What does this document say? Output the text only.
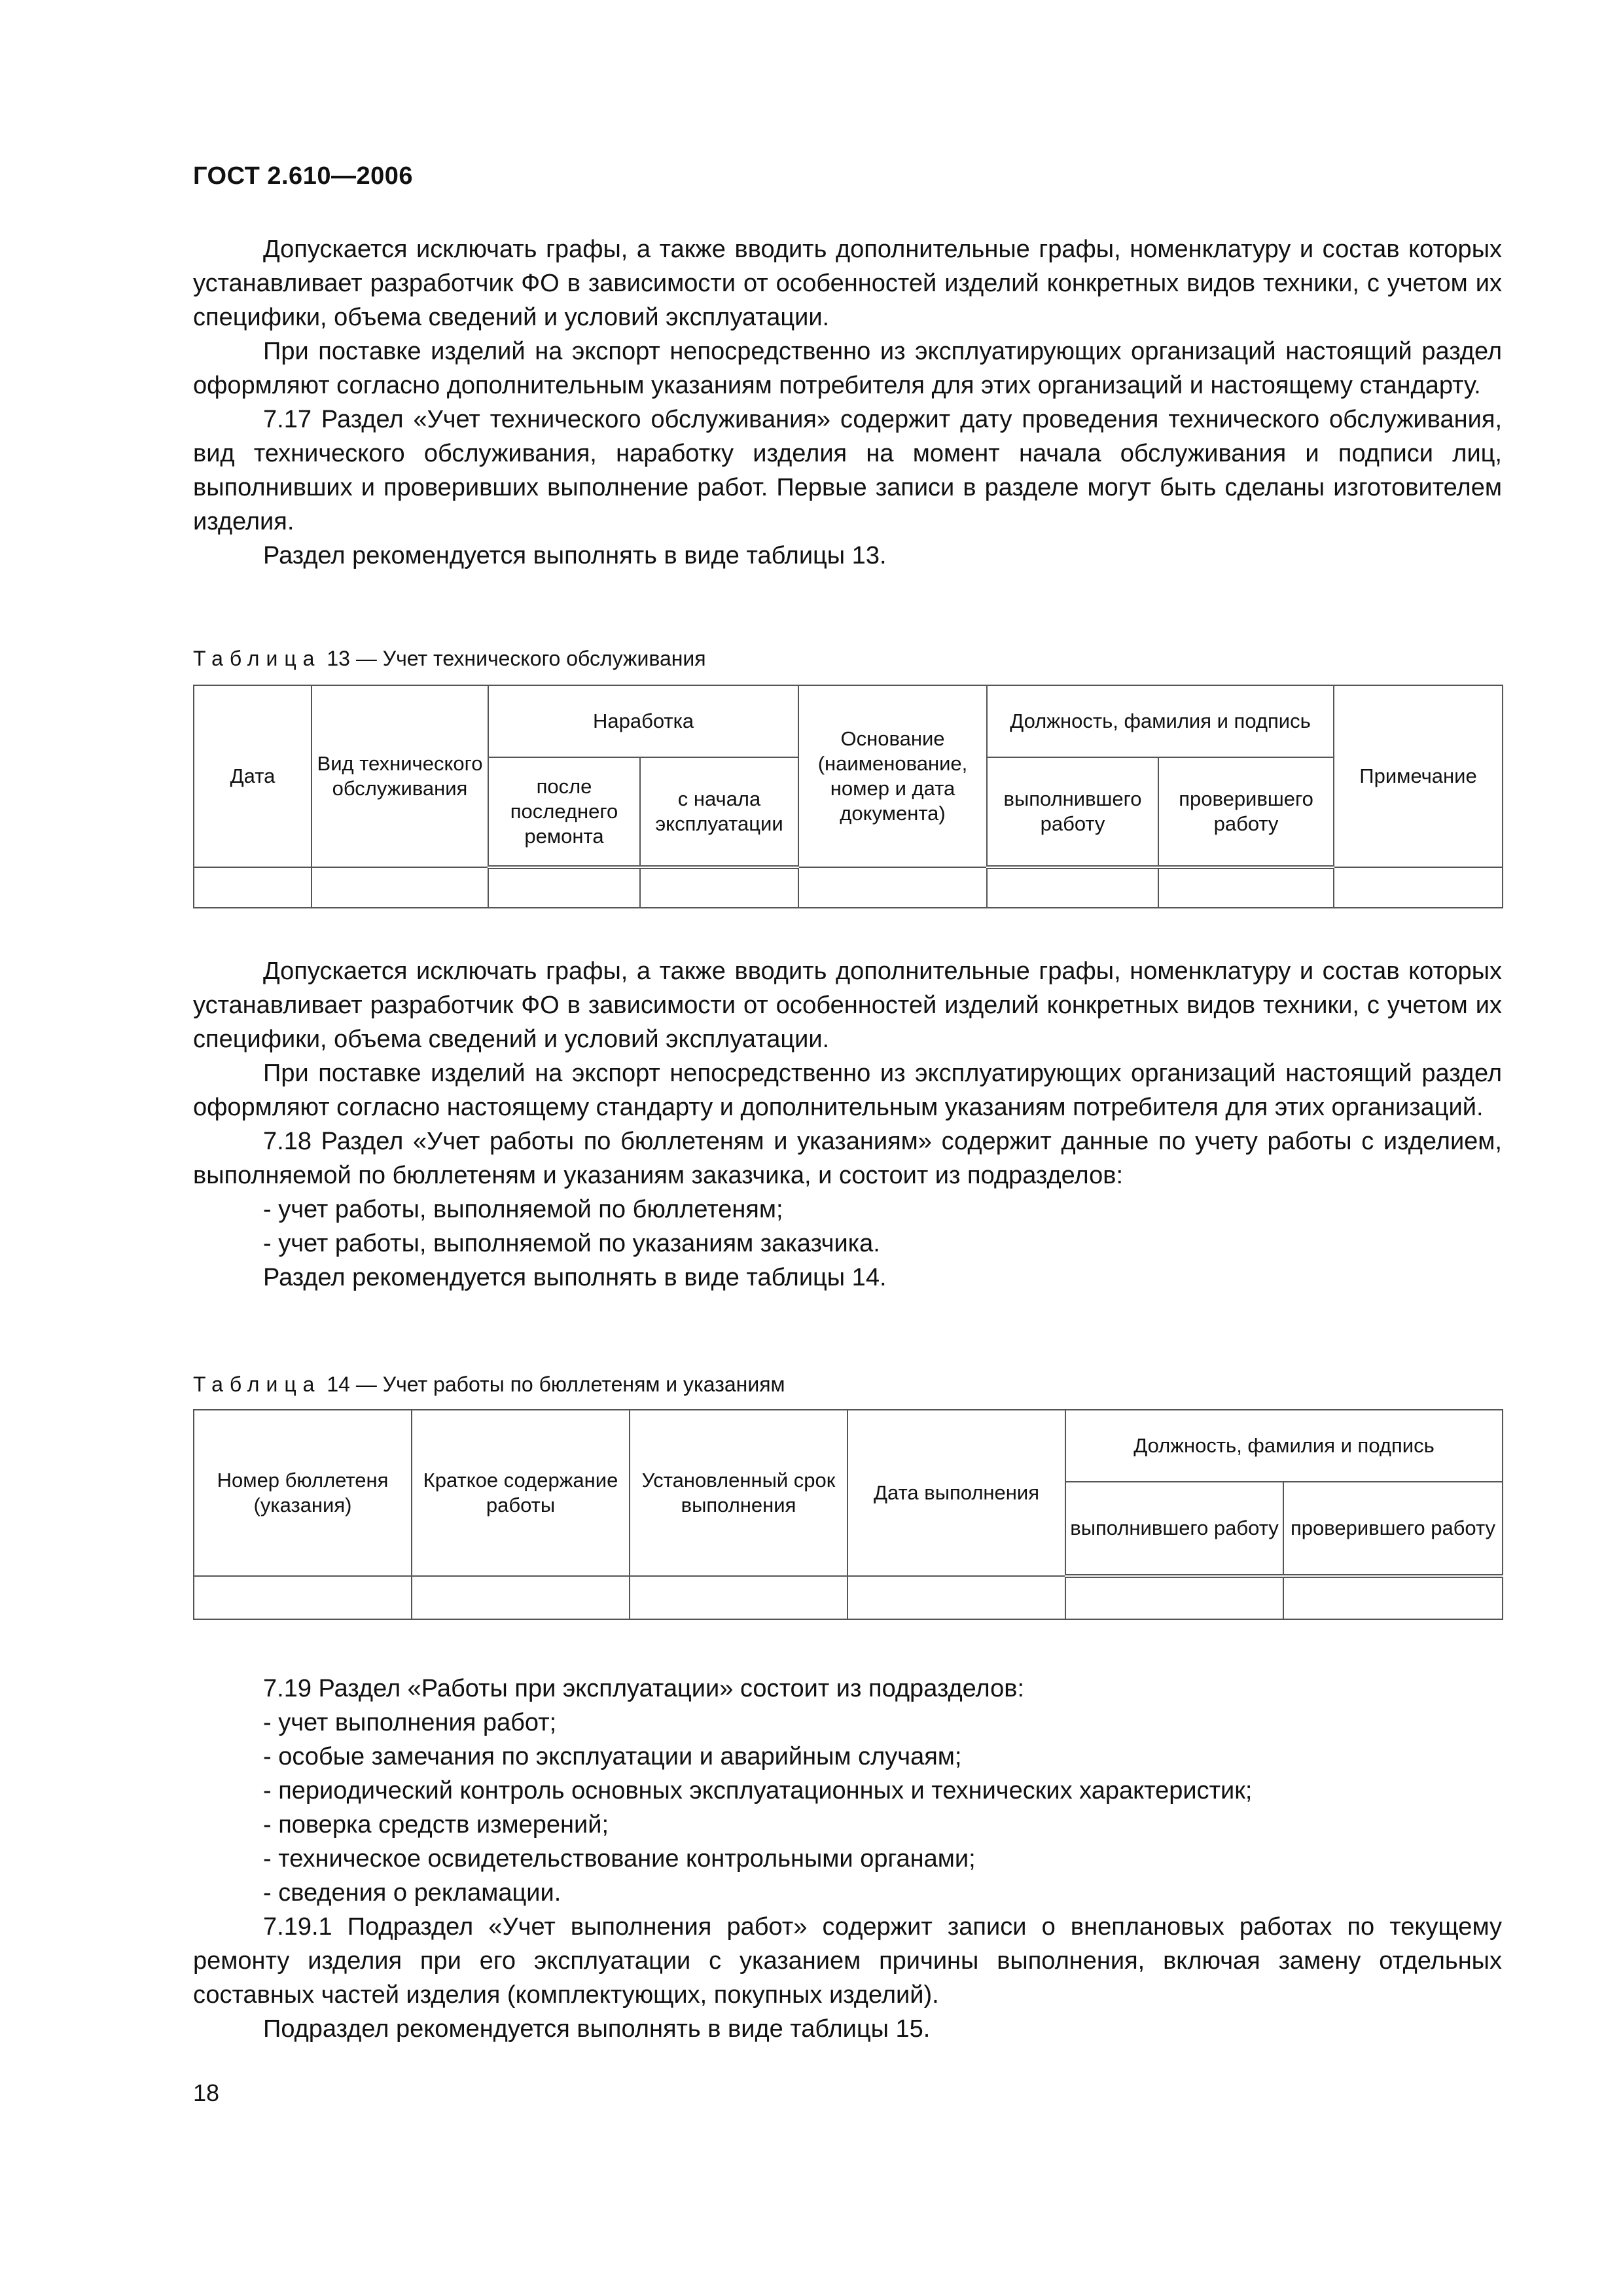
ГОСТ 2.610—2006

Допускается исключать графы, а также вводить дополнительные графы, номенклатуру и состав которых устанавливает разработчик ФО в зависимости от особенностей изделий конкретных видов техники, с учетом их специфики, объема сведений и условий эксплуатации.

При поставке изделий на экспорт непосредственно из эксплуатирующих организаций настоящий раздел оформляют согласно дополнительным указаниям потребителя для этих организаций и настоящему стандарту.

7.17 Раздел «Учет технического обслуживания» содержит дату проведения технического обслуживания, вид технического обслуживания, наработку изделия на момент начала обслуживания и подписи лиц, выполнивших и проверивших выполнение работ. Первые записи в разделе могут быть сделаны изготовителем изделия.

Раздел рекомендуется выполнять в виде таблицы 13.

Таблица 13 — Учет технического обслуживания
Дата	Вид технического обслуживания	Наработка		Основание (наименование, номер и дата документа)	Должность, фамилия и подпись		Примечание
		после последнего ремонта	с начала эксплуатации		выполнившего работу	проверившего работу	

Допускается исключать графы, а также вводить дополнительные графы, номенклатуру и состав которых устанавливает разработчик ФО в зависимости от особенностей изделий конкретных видов техники, с учетом их специфики, объема сведений и условий эксплуатации.

При поставке изделий на экспорт непосредственно из эксплуатирующих организаций настоящий раздел оформляют согласно настоящему стандарту и дополнительным указаниям потребителя для этих организаций.

7.18 Раздел «Учет работы по бюллетеням и указаниям» содержит данные по учету работы с изделием, выполняемой по бюллетеням и указаниям заказчика, и состоит из подразделов:

- учет работы, выполняемой по бюллетеням;

- учет работы, выполняемой по указаниям заказчика.

Раздел рекомендуется выполнять в виде таблицы 14.

Таблица 14 — Учет работы по бюллетеням и указаниям
Номер бюллетеня (указания)	Краткое содержание работы	Установленный срок выполнения	Дата выполнения	Должность, фамилия и подпись	
				выполнившего работу	проверившего работу

7.19 Раздел «Работы при эксплуатации» состоит из подразделов:

- учет выполнения работ;

- особые замечания по эксплуатации и аварийным случаям;

- периодический контроль основных эксплуатационных и технических характеристик;

- поверка средств измерений;

- техническое освидетельствование контрольными органами;

- сведения о рекламации.

7.19.1 Подраздел «Учет выполнения работ» содержит записи о внеплановых работах по текущему ремонту изделия при его эксплуатации с указанием причины выполнения, включая замену отдельных составных частей изделия (комплектующих, покупных изделий).

Подраздел рекомендуется выполнять в виде таблицы 15.

18
